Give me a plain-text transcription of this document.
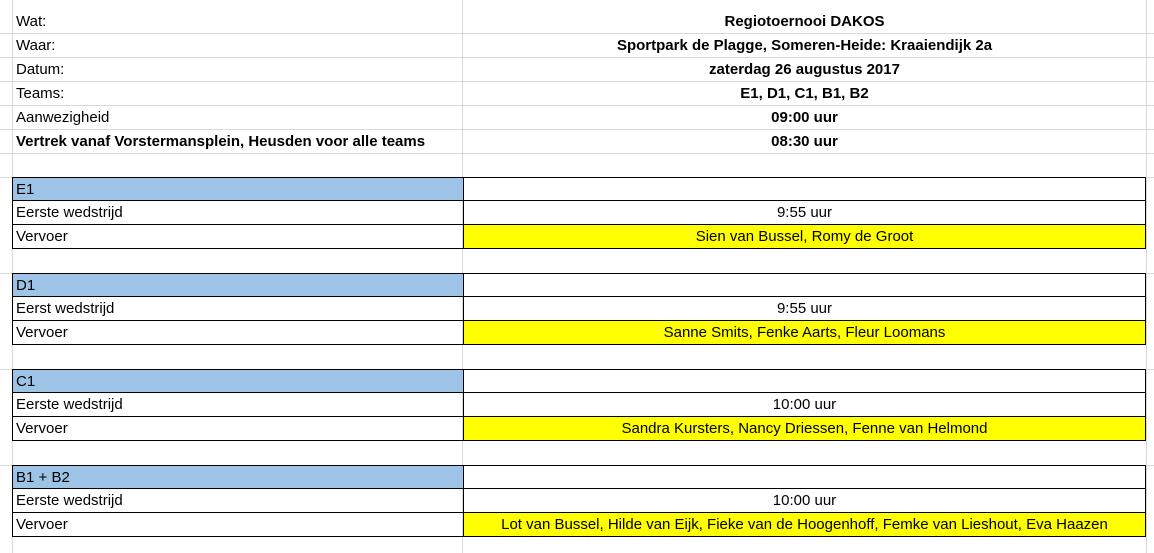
Wat:	Regiotoernooi DAKOS
Waar:	Sportpark de Plagge, Someren-Heide: Kraaiendijk 2a
Datum:	zaterdag 26 augustus 2017
Teams:	E1, D1, C1, B1, B2
Aanwezigheid	09:00 uur
Vertrek vanaf Vorstermansplein, Heusden voor alle teams	08:30 uur
E1
Eerste wedstrijd	9:55 uur
Vervoer	Sien van Bussel, Romy de Groot
D1
Eerst wedstrijd	9:55 uur
Vervoer	Sanne Smits, Fenke Aarts, Fleur Loomans
C1
Eerste wedstrijd	10:00 uur
Vervoer	Sandra Kursters, Nancy Driessen, Fenne van Helmond
B1 + B2
Eerste wedstrijd	10:00 uur
Vervoer	Lot van Bussel, Hilde van Eijk, Fieke van de Hoogenhoff, Femke van Lieshout, Eva Haazen
